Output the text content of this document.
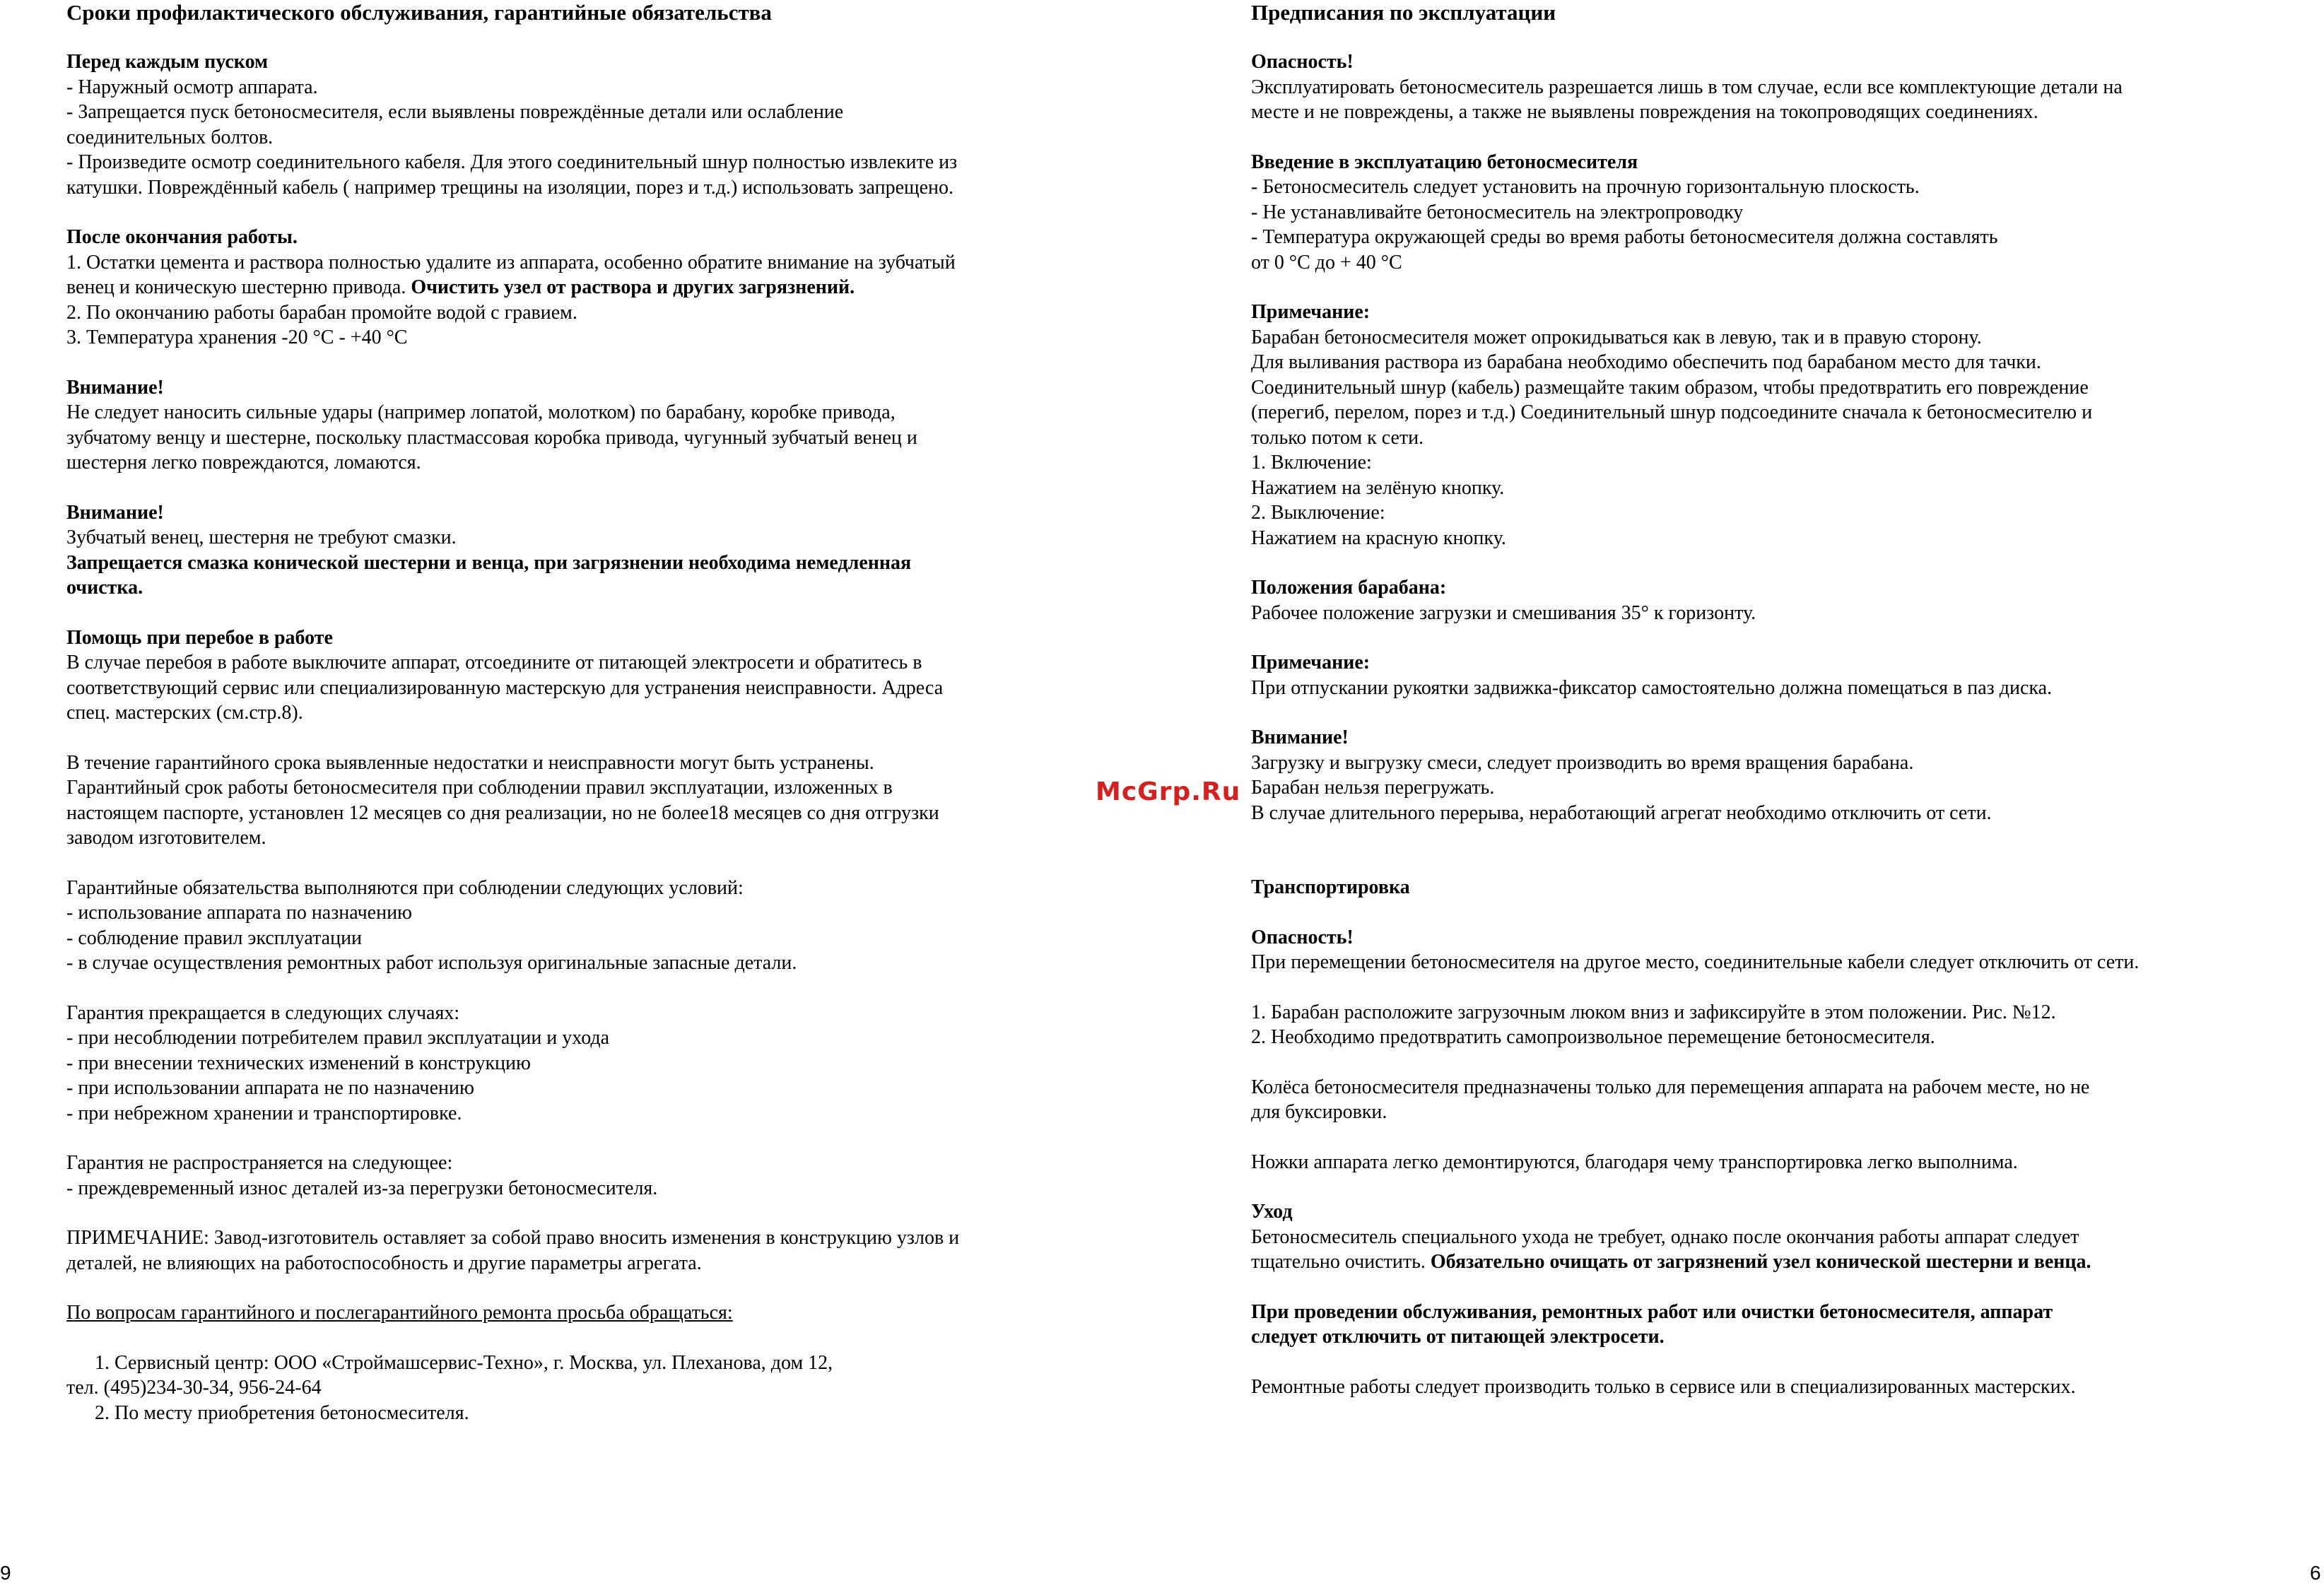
Сроки профилактического обслуживания, гарантийные обязательства

Перед каждым пуском

- Наружный осмотр аппарата.

- Запрещается пуск бетоносмесителя, если выявлены повреждённые детали или ослабление

соединительных болтов.

- Произведите осмотр соединительного кабеля. Для этого соединительный шнур полностью извлеките из

катушки. Повреждённый кабель ( например трещины на изоляции, порез и т.д.) использовать запрещено.

После окончания работы.

1. Остатки цемента и раствора полностью удалите из аппарата, особенно обратите внимание на зубчатый

венец и коническую шестерню привода. Очистить узел от раствора и других загрязнений.

2. По окончанию работы барабан промойте водой с гравием.

3. Температура хранения -20 °С - +40 °С

Внимание!

Не следует наносить сильные удары (например лопатой, молотком) по барабану, коробке привода,

зубчатому венцу и шестерне, поскольку пластмассовая коробка привода, чугунный зубчатый венец и

шестерня легко повреждаются, ломаются.

Внимание!

Зубчатый венец, шестерня не требуют смазки.

Запрещается смазка конической шестерни и венца, при загрязнении необходима немедленная

очистка.

Помощь при перебое в работе

В случае перебоя в работе выключите аппарат, отсоедините от питающей электросети и обратитесь в

соответствующий сервис или специализированную мастерскую для устранения неисправности. Адреса

спец. мастерских (см.стр.8).

В течение гарантийного срока выявленные недостатки и неисправности могут быть устранены.

Гарантийный срок работы бетоносмесителя при соблюдении правил эксплуатации, изложенных в

настоящем паспорте, установлен 12 месяцев со дня реализации, но не более18 месяцев со дня отгрузки

заводом изготовителем.

Гарантийные обязательства выполняются при соблюдении следующих условий:

- использование аппарата по назначению

- соблюдение правил эксплуатации

- в случае осуществления ремонтных работ используя оригинальные запасные детали.

Гарантия прекращается в следующих случаях:

- при несоблюдении потребителем правил эксплуатации и ухода

- при внесении технических изменений в конструкцию

- при использовании аппарата не по назначению

- при небрежном хранении и транспортировке.

Гарантия не распространяется на следующее:

- преждевременный износ деталей из-за перегрузки бетоносмесителя.

ПРИМЕЧАНИЕ: Завод-изготовитель оставляет за собой право вносить изменения в конструкцию узлов и

деталей, не влияющих на работоспособность и другие параметры агрегата.

По вопросам гарантийного и послегарантийного ремонта просьба обращаться:

1. Сервисный центр: ООО «Строймашсервис-Техно», г. Москва, ул. Плеханова, дом 12,

тел. (495)234-30-34, 956-24-64

2. По месту приобретения бетоносмесителя.

Предписания по эксплуатации

Опасность!

Эксплуатировать бетоносмеситель разрешается лишь в том случае, если все комплектующие детали на

месте и не повреждены, а также не выявлены повреждения на токопроводящих соединениях.

Введение в эксплуатацию бетоносмесителя

- Бетоносмеситель следует установить на прочную горизонтальную плоскость.

- Не устанавливайте бетоносмеситель на электропроводку

- Температура окружающей среды во время работы бетоносмесителя должна составлять

от 0 °С до + 40 °С

Примечание:

Барабан бетоносмесителя может опрокидываться как в левую, так и в правую сторону.

Для выливания раствора из барабана необходимо обеспечить под барабаном место для тачки.

Соединительный шнур (кабель) размещайте таким образом, чтобы предотвратить его повреждение

(перегиб, перелом, порез и т.д.) Соединительный шнур подсоедините сначала к бетоносмесителю и

только потом к сети.

1. Включение:

Нажатием на зелёную кнопку.

2. Выключение:

Нажатием на красную кнопку.

Положения барабана:

Рабочее положение загрузки и смешивания 35° к горизонту.

Примечание:

При отпускании рукоятки задвижка-фиксатор самостоятельно должна помещаться в паз диска.

Внимание!

Загрузку и выгрузку смеси, следует производить во время вращения барабана.

Барабан нельзя перегружать.

В случае длительного перерыва, неработающий агрегат необходимо отключить от сети.

Транспортировка

Опасность!

При перемещении бетоносмесителя на другое место, соединительные кабели следует отключить от сети.

1. Барабан расположите загрузочным люком вниз и зафиксируйте в этом положении. Рис. №12.

2. Необходимо предотвратить самопроизвольное перемещение бетоносмесителя.

Колёса бетоносмесителя предназначены только для перемещения аппарата на рабочем месте, но не

для буксировки.

Ножки аппарата легко демонтируются, благодаря чему транспортировка легко выполнима.

Уход

Бетоносмеситель специального ухода не требует, однако после окончания работы аппарат следует

тщательно очистить. Обязательно очищать от загрязнений узел конической шестерни и венца.

При проведении обслуживания, ремонтных работ или очистки бетоносмесителя, аппарат

следует отключить от питающей электросети.

Ремонтные работы следует производить только в сервисе или в специализированных мастерских.

McGrp.Ru
9	6
